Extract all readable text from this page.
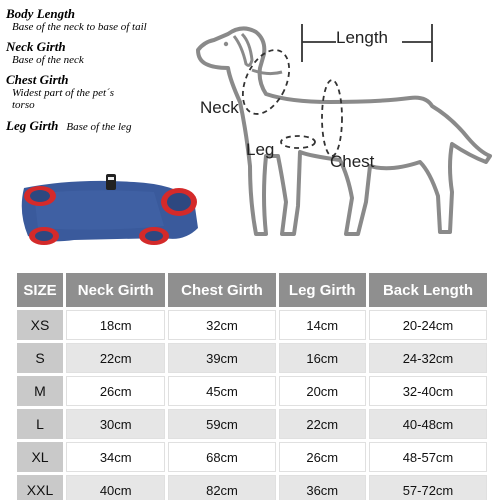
Body Length
Base of the neck to base of tail
Neck Girth
Base of the neck
Chest Girth
Widest part of the pet´s torso
Leg Girth Base of the leg
Length
Neck
Leg
Chest
SIZE	Neck Girth	Chest Girth	Leg Girth	Back Length
XS	18cm	32cm	14cm	20-24cm
S	22cm	39cm	16cm	24-32cm
M	26cm	45cm	20cm	32-40cm
L	30cm	59cm	22cm	40-48cm
XL	34cm	68cm	26cm	48-57cm
XXL	40cm	82cm	36cm	57-72cm
